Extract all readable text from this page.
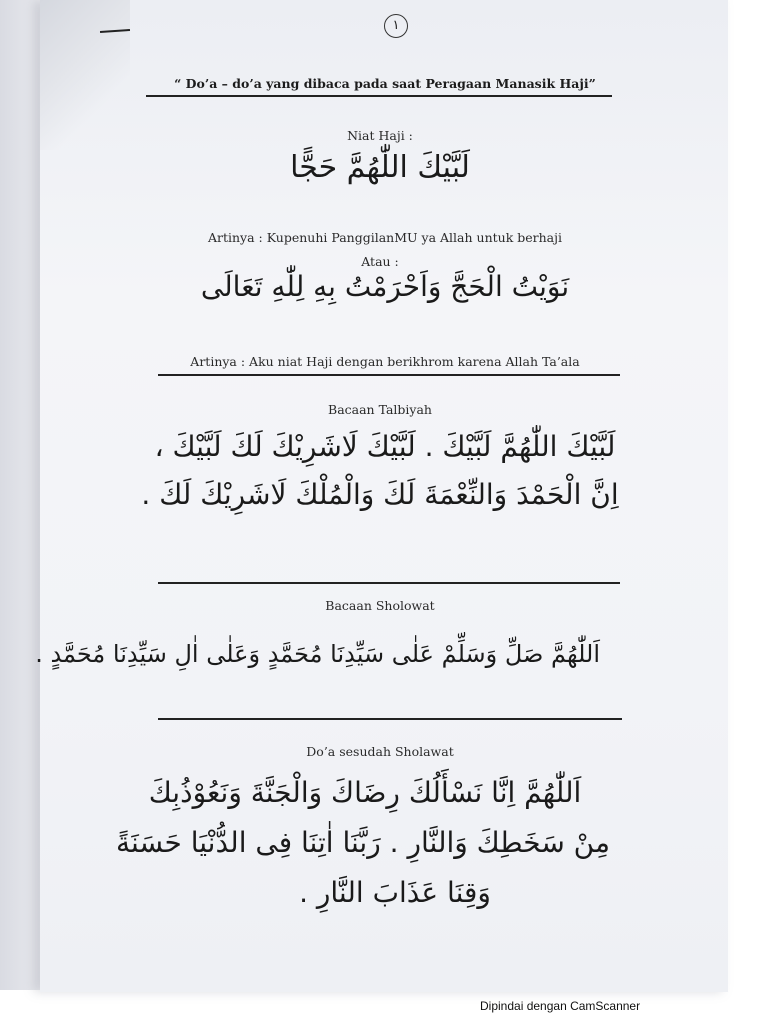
١
“ Do’a – do’a yang dibaca pada saat Peragaan Manasik Haji”
Niat Haji :
لَبَّيْكَ اللّٰهُمَّ حَجًّا
Artinya : Kupenuhi PanggilanMU ya Allah untuk berhaji
Atau :
نَوَيْتُ الْحَجَّ وَاَحْرَمْتُ بِهِ لِلّٰهِ تَعَالَى
Artinya : Aku niat Haji dengan berikhrom karena Allah Ta’ala
Bacaan Talbiyah
لَبَّيْكَ اللّٰهُمَّ لَبَّيْكَ . لَبَّيْكَ لَاشَرِيْكَ لَكَ لَبَّيْكَ ،
اِنَّ الْحَمْدَ وَالنِّعْمَةَ لَكَ وَالْمُلْكَ لَاشَرِيْكَ لَكَ .
Bacaan Sholowat
اَللّٰهُمَّ صَلِّ وَسَلِّمْ عَلٰى سَيِّدِنَا مُحَمَّدٍ وَعَلٰى اٰلِ سَيِّدِنَا مُحَمَّدٍ .
Do’a sesudah Sholawat
اَللّٰهُمَّ اِنَّا نَسْأَلُكَ رِضَاكَ وَالْجَنَّةَ وَنَعُوْذُبِكَ
مِنْ سَخَطِكَ وَالنَّارِ . رَبَّنَا اٰتِنَا فِى الدُّنْيَا حَسَنَةً
وَقِنَا عَذَابَ النَّارِ .
Dipindai dengan CamScanner
